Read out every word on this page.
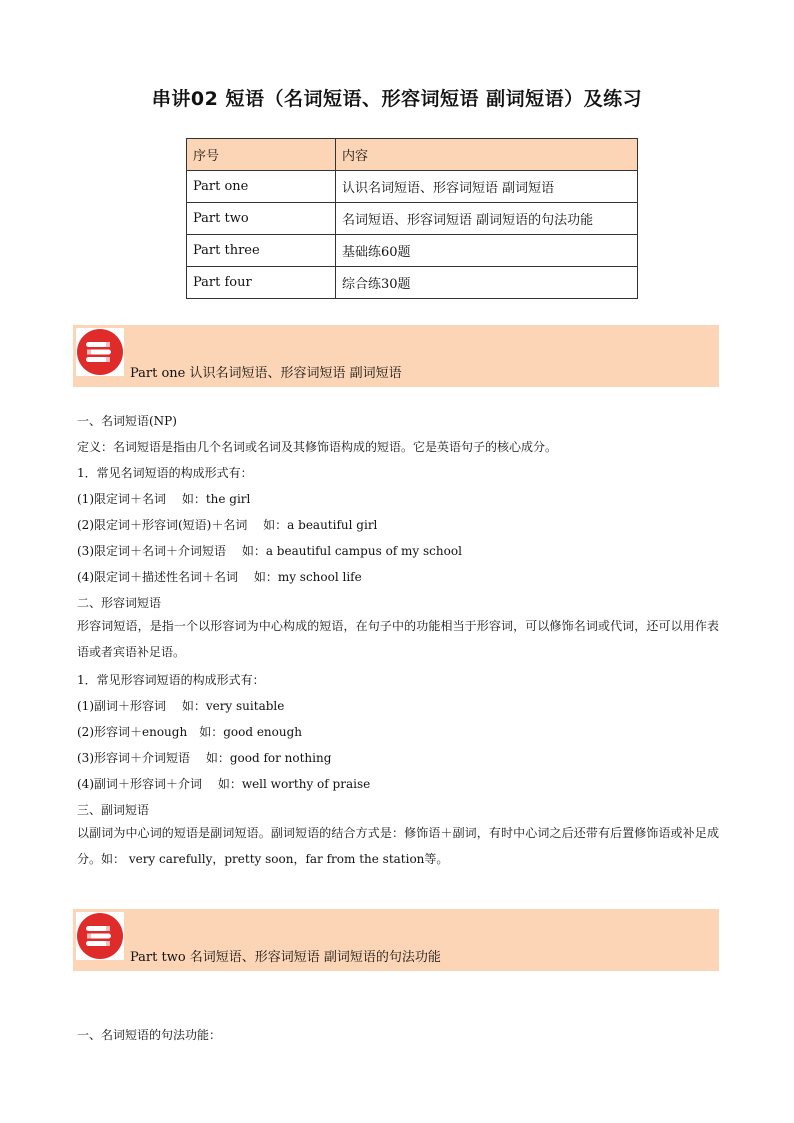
串讲02 短语（名词短语、形容词短语 副词短语）及练习
序号	内容
Part one	认识名词短语、形容词短语 副词短语
Part two	名词短语、形容词短语 副词短语的句法功能
Part three	基础练60题
Part four	综合练30题
Part one 认识名词短语、形容词短语 副词短语
一、名词短语(NP)
定义：名词短语是指由几个名词或名词及其修饰语构成的短语。它是英语句子的核心成分。
1．常见名词短语的构成形式有：
(1)限定词＋名词　 如：the girl
(2)限定词＋形容词(短语)＋名词　 如：a beautiful girl
(3)限定词＋名词＋介词短语　 如：a beautiful campus of my school
(4)限定词＋描述性名词＋名词　 如：my school life
二、形容词短语
形容词短语，是指一个以形容词为中心构成的短语，在句子中的功能相当于形容词，可以修饰名词或代词，还可以用作表语或者宾语补足语。
1．常见形容词短语的构成形式有：
(1)副词＋形容词　 如：very suitable
(2)形容词＋enough　如：good enough
(3)形容词＋介词短语　 如：good for nothing
(4)副词＋形容词＋介词　 如：well worthy of praise
三、副词短语
以副词为中心词的短语是副词短语。副词短语的结合方式是：修饰语＋副词，有时中心词之后还带有后置修饰语或补足成分。如： very carefully，pretty soon，far from the station等。
Part two 名词短语、形容词短语 副词短语的句法功能
一、名词短语的句法功能：
